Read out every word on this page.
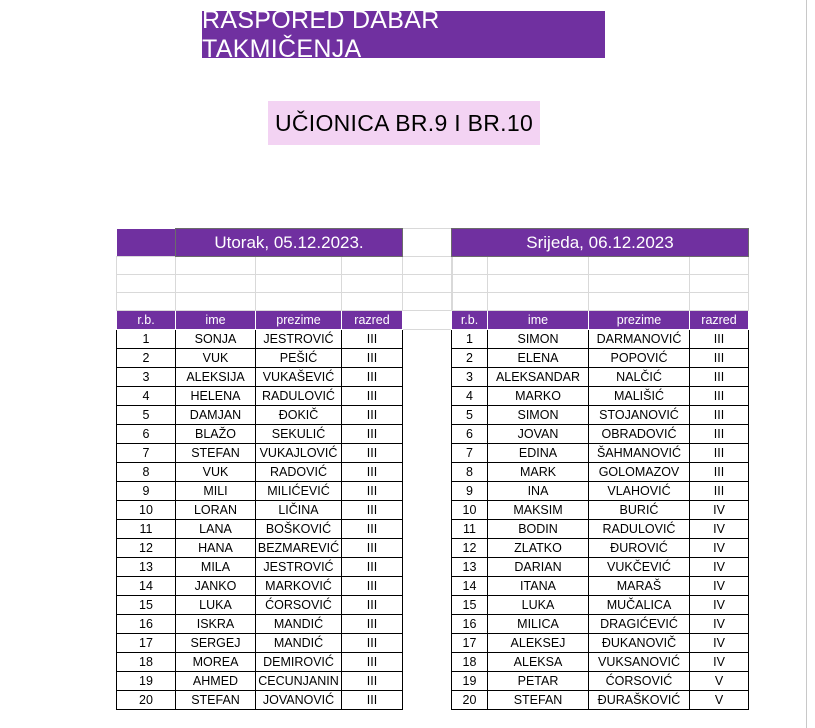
RASPORED DABAR TAKMIČENJA
UČIONICA BR.9 I BR.10
	Utorak, 05.12.2023.			

r.b.	ime	prezime	razred	
1	SONJA	JESTROVIĆ	III	
2	VUK	PEŠIĆ	III	
3	ALEKSIJA	VUKAŠEVIĆ	III	
4	HELENA	RADULOVIĆ	III	
5	DAMJAN	ĐOKIČ	III	
6	BLAŽO	SEKULIĆ	III	
7	STEFAN	VUKAJLOVIĆ	III	
8	VUK	RADOVIĆ	III	
9	MILI	MILIĆEVIĆ	III	
10	LORAN	LIČINA	III	
11	LANA	BOŠKOVIĆ	III	
12	HANA	BEZMAREVIĆ	III	
13	MILA	JESTROVIĆ	III	
14	JANKO	MARKOVIĆ	III	
15	LUKA	ĆORSOVIĆ	III	
16	ISKRA	MANDIĆ	III	
17	SERGEJ	MANDIĆ	III	
18	MOREA	DEMIROVIĆ	III	
19	AHMED	CECUNJANIN	III	
20	STEFAN	JOVANOVIĆ	III	
Srijeda, 06.12.2023			

r.b.	ime	prezime	razred
1	SIMON	DARMANOVIĆ	III
2	ELENA	POPOVIĆ	III
3	ALEKSANDAR	NALČIĆ	III
4	MARKO	MALIŠIĆ	III
5	SIMON	STOJANOVIĆ	III
6	JOVAN	OBRADOVIĆ	III
7	EDINA	ŠAHMANOVIĆ	III
8	MARK	GOLOMAZOV	III
9	INA	VLAHOVIĆ	III
10	MAKSIM	BURIĆ	IV
11	BODIN	RADULOVIĆ	IV
12	ZLATKO	ĐUROVIĆ	IV
13	DARIAN	VUKČEVIĆ	IV
14	ITANA	MARAŠ	IV
15	LUKA	MUČALICA	IV
16	MILICA	DRAGIĆEVIĆ	IV
17	ALEKSEJ	ĐUKANOVIČ	IV
18	ALEKSA	VUKSANOVIĆ	IV
19	PETAR	ĆORSOVIĆ	V
20	STEFAN	ĐURAŠKOVIĆ	V
